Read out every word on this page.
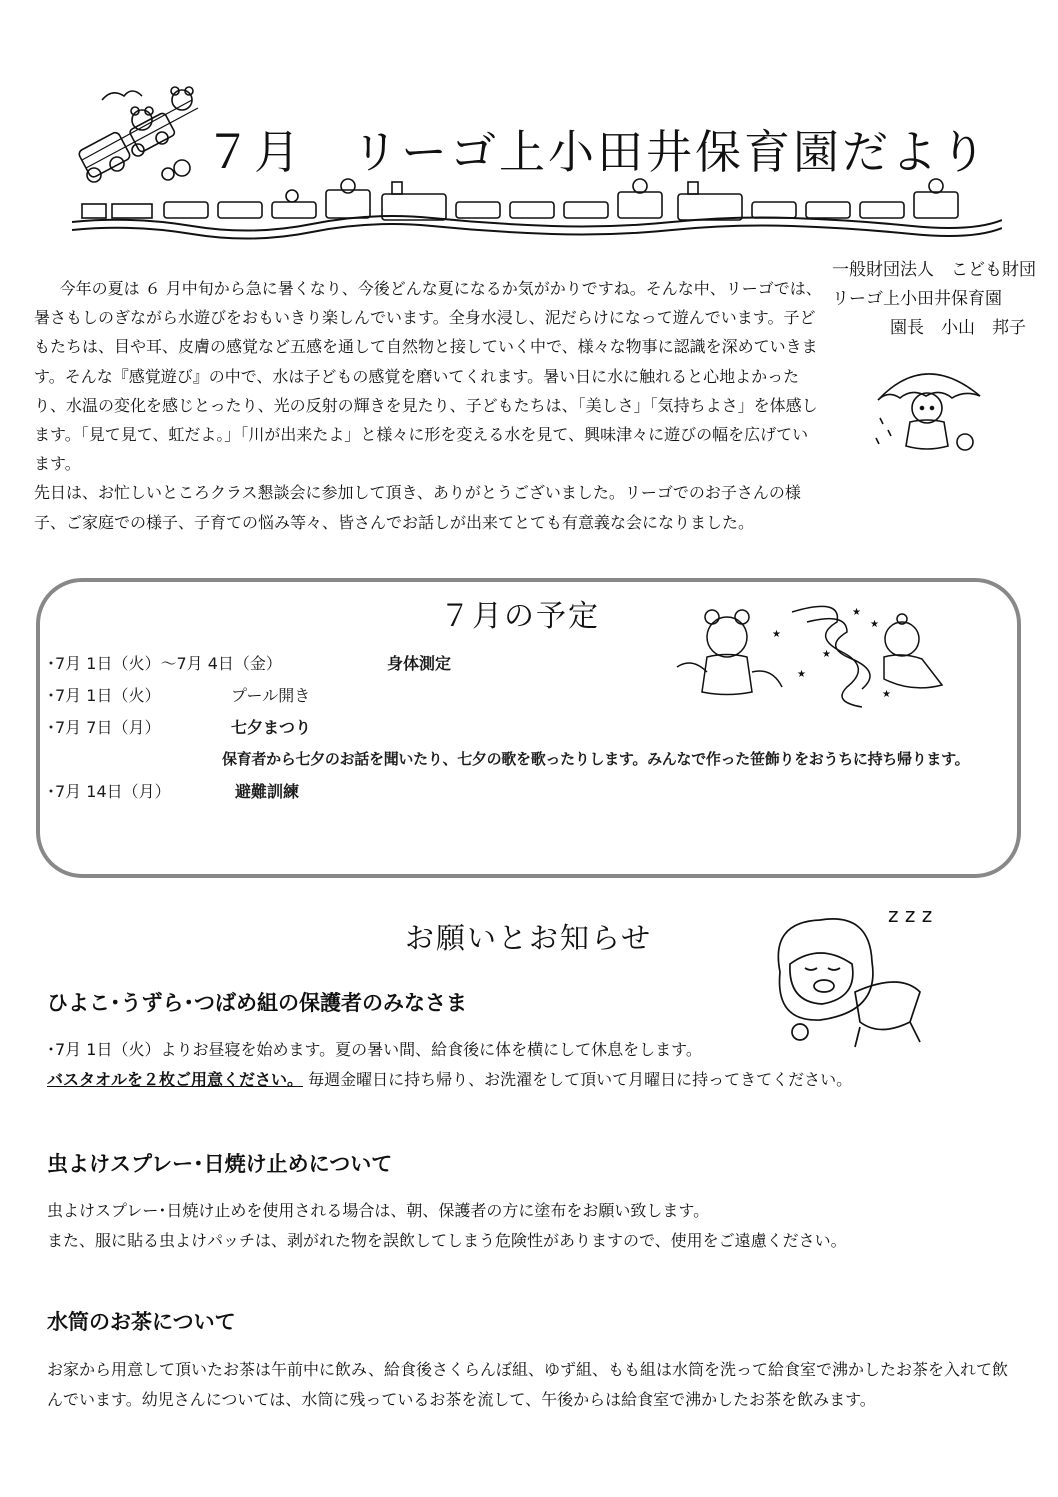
７月　リーゴ上小田井保育園だより
一般財団法人　こども財団
リーゴ上小田井保育園
園長　小山　邦子

今年の夏は ６ 月中旬から急に暑くなり、今後どんな夏になるか気がかりですね。そんな中、リーゴでは、暑さもしのぎながら水遊びをおもいきり楽しんでいます。全身水浸し、泥だらけになって遊んでいます。子どもたちは、目や耳、皮膚の感覚など五感を通して自然物と接していく中で、様々な物事に認識を深めていきます。そんな『感覚遊び』の中で、水は子どもの感覚を磨いてくれます。暑い日に水に触れると心地よかったり、水温の変化を感じとったり、光の反射の輝きを見たり、子どもたちは、「美しさ」「気持ちよさ」を体感します。「見て見て、虹だよ。」「川が出来たよ」と様々に形を変える水を見て、興味津々に遊びの幅を広げています。

先日は、お忙しいところクラス懇談会に参加して頂き、ありがとうございました。リーゴでのお子さんの様子、ご家庭での様子、子育ての悩み等々、皆さんでお話しが出来てとても有意義な会になりました。

７月の予定
★
★
★
★
★
★
･7月 1日（火）～7月 4日（金）	身体測定
･7月 1日（火）	プール開き
･7月 7日（月）	七夕まつり
保育者から七夕のお話を聞いたり、七夕の歌を歌ったりします。みんなで作った笹飾りをおうちに持ち帰ります。
･7月 14日（月）	避難訓練
お願いとお知らせ
z z z
ひよこ･うずら･つばめ組の保護者のみなさま
･7月 1日（火）よりお昼寝を始めます。夏の暑い間、給食後に体を横にして休息をします。
バスタオルを２枚ご用意ください。 毎週金曜日に持ち帰り、お洗濯をして頂いて月曜日に持ってきてください。
虫よけスプレー･日焼け止めについて
虫よけスプレー･日焼け止めを使用される場合は、朝、保護者の方に塗布をお願い致します。
また、服に貼る虫よけパッチは、剥がれた物を誤飲してしまう危険性がありますので、使用をご遠慮ください。
水筒のお茶について
お家から用意して頂いたお茶は午前中に飲み、給食後さくらんぼ組、ゆず組、もも組は水筒を洗って給食室で沸かしたお茶を入れて飲んでいます。幼児さんについては、水筒に残っているお茶を流して、午後からは給食室で沸かしたお茶を飲みます。
